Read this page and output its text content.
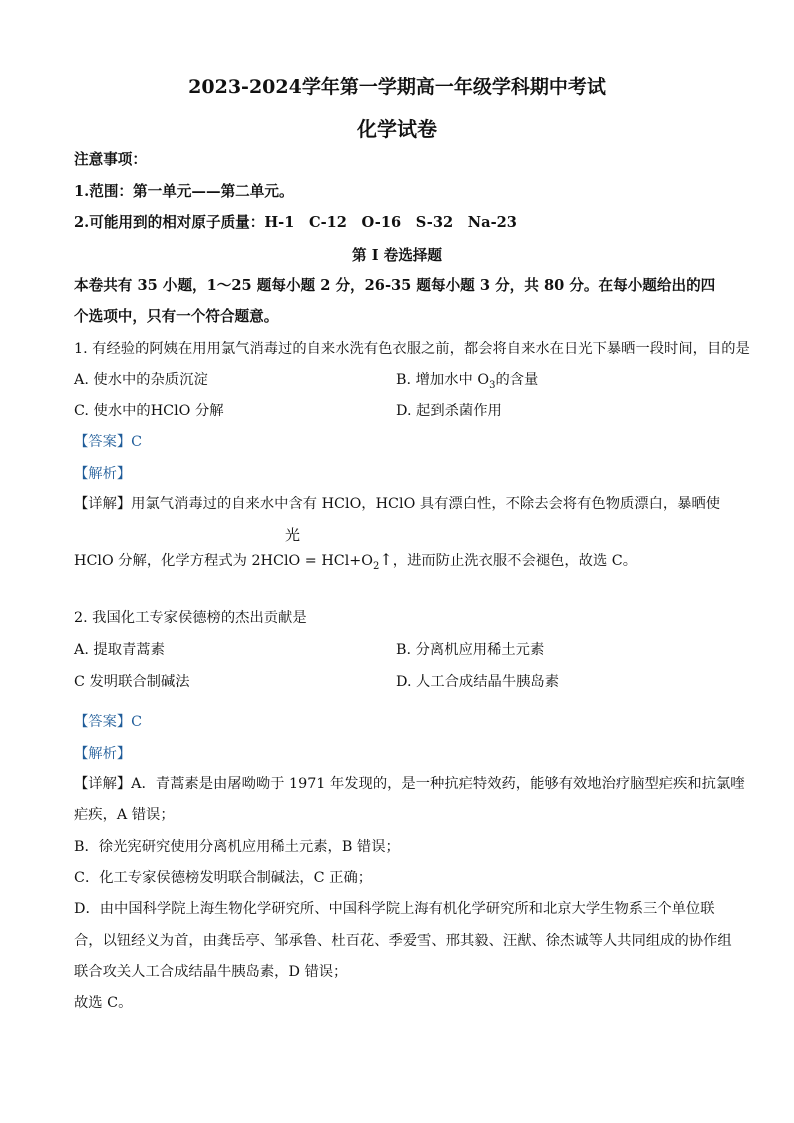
2023-2024学年第一学期高一年级学科期中考试
化学试卷
注意事项：
1.范围：第一单元——第二单元。
2.可能用到的相对原子质量：H-1　C-12　O-16　S-32　Na-23
第 I 卷选择题
本卷共有 35 小题，1～25 题每小题 2 分，26-35 题每小题 3 分，共 80 分。在每小题给出的四
个选项中，只有一个符合题意。
1. 有经验的阿姨在用用氯气消毒过的自来水洗有色衣服之前，都会将自来水在日光下暴晒一段时间，目的是
A. 使水中的杂质沉淀	B. 增加水中 $O_3$的含量
C. 使水中的HClO 分解	D. 起到杀菌作用
【答案】C
【解析】
【详解】用氯气消毒过的自来水中含有 HClO，HClO 具有漂白性，不除去会将有色物质漂白，暴晒使
光
HClO 分解，化学方程式为 2HClO = $HCl+O_2↑$，进而防止洗衣服不会褪色，故选 C。
2. 我国化工专家侯德榜的杰出贡献是
A. 提取青蒿素	B. 分离机应用稀土元素
C 发明联合制碱法	D. 人工合成结晶牛胰岛素
【答案】C
【解析】
【详解】A．青蒿素是由屠呦呦于 1971 年发现的，是一种抗疟特效药，能够有效地治疗脑型疟疾和抗氯喹
疟疾，A 错误；
B．徐光宪研究使用分离机应用稀土元素，B 错误；
C．化工专家侯德榜发明联合制碱法，C 正确；
D．由中国科学院上海生物化学研究所、中国科学院上海有机化学研究所和北京大学生物系三个单位联
合，以钮经义为首，由龚岳亭、邹承鲁、杜百花、季爱雪、邢其毅、汪猷、徐杰诚等人共同组成的协作组
联合攻关人工合成结晶牛胰岛素，D 错误；
故选 C。
